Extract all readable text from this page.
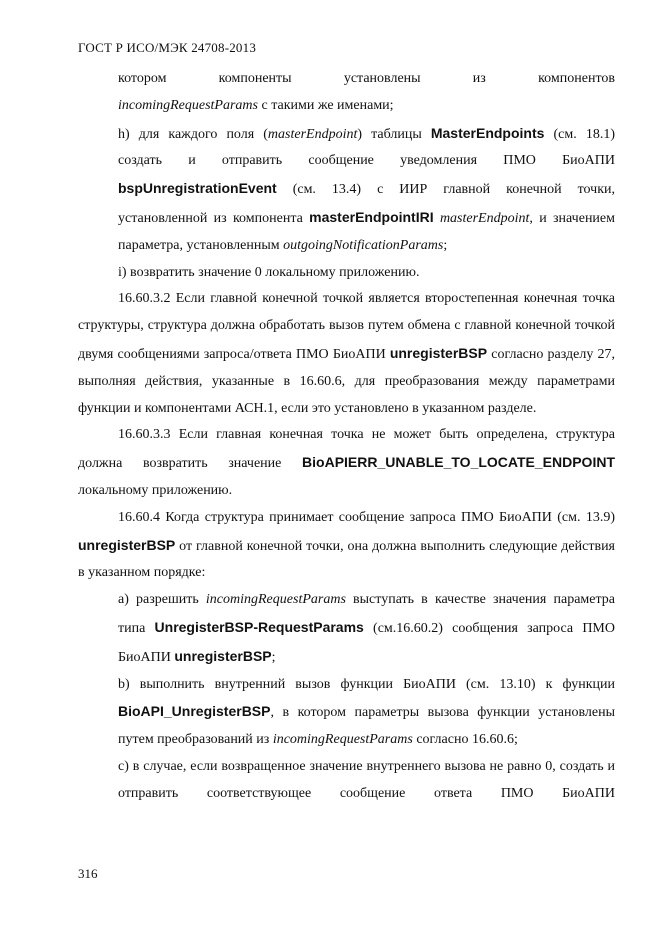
ГОСТ Р ИСО/МЭК 24708-2013

котором компоненты установлены из компонентов

incomingRequestParams с такими же именами;

h) для каждого поля (masterEndpoint) таблицы MasterEndpoints (см. 18.1) создать и отправить сообщение уведомления ПМО БиоАПИ bspUnregistrationEvent (см. 13.4) с ИИР главной конечной точки, установленной из компонента masterEndpointIRI masterEndpoint, и значением параметра, установленным outgoingNotificationParams;

i) возвратить значение 0 локальному приложению.

16.60.3.2 Если главной конечной точкой является второстепенная конечная точка структуры, структура должна обработать вызов путем обмена с главной конечной точкой двумя сообщениями запроса/ответа ПМО БиоАПИ unregisterBSP согласно разделу 27, выполняя действия, указанные в 16.60.6, для преобразования между параметрами функции и компонентами АСН.1, если это установлено в указанном разделе.

16.60.3.3 Если главная конечная точка не может быть определена, структура должна возвратить значение BioAPIERR_UNABLE_TO_LOCATE_ENDPOINT локальному приложению.

16.60.4 Когда структура принимает сообщение запроса ПМО БиоАПИ (см. 13.9) unregisterBSP от главной конечной точки, она должна выполнить следующие действия в указанном порядке:

a) разрешить incomingRequestParams выступать в качестве значения параметра типа UnregisterBSP-RequestParams (см.16.60.2) сообщения запроса ПМО БиоАПИ unregisterBSP;

b) выполнить внутренний вызов функции БиоАПИ (см. 13.10) к функции BioAPI_UnregisterBSP, в котором параметры вызова функции установлены путем преобразований из incomingRequestParams согласно 16.60.6;

c) в случае, если возвращенное значение внутреннего вызова не равно 0, создать и отправить соответствующее сообщение ответа ПМО БиоАПИ

316
